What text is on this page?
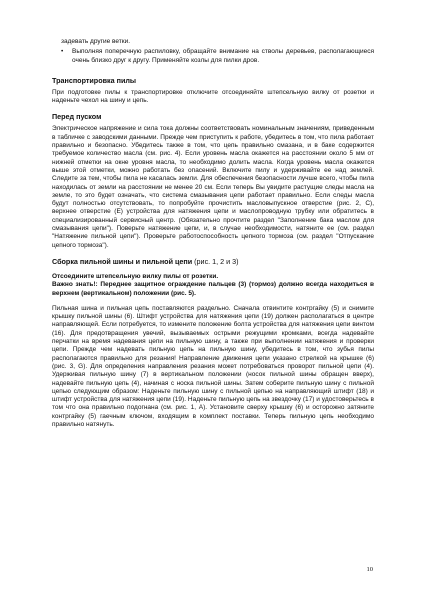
задевать другие ветки.

•	Выполняя поперечную распиловку, обращайте внимание на стволы деревьев, располагающиеся очень близко друг к другу. Применяйте козлы для пилки дров.
Транспортировка пилы

При подготовке пилы к транспортировке отключите отсоединяйте штепсельную вилку от розетки и наденьте чехол на шину и цепь.

Перед пуском

Электрическое напряжение и сила тока должны соответствовать номинальным значениям, приведенным в табличке с заводскими данными. Прежде чем приступить к работе, убедитесь в том, что пила работает правильно и безопасно. Убедитесь также в том, что цепь правильно смазана, и в баке содержится требуемое количество масла (см. рис. 4). Если уровень масла окажется на расстоянии около 5 мм от нижней отметки на окне уровня масла, то необходимо долить масла. Когда уровень масла окажется выше этой отметки, можно работать без опасений. Включите пилу и удерживайте ее над землей. Следите за тем, чтобы пила не касалась земли. Для обеспечения безопасности лучше всего, чтобы пила находилась от земли на расстоянии не менее 20 см. Если теперь Вы увидите растущие следы масла на земле, то это будет означать, что система смазывания цепи работает правильно. Если следы масла будут полностью отсутствовать, то попробуйте прочистить масловыпускное отверстие (рис. 2, С), верхнее отверстие (Е) устройства для натяжения цепи и маслопроводную трубку или обратитесь в специализированный сервисный центр. (Обязательно прочтите раздел "Заполнение бака маслом для смазывания цепи"). Поверьте натяжение цепи, и, в случае необходимости, натяните ее (см. раздел "Натяжение пильной цепи"). Проверьте работоспособность цепного тормоза (см. раздел "Отпускание цепного тормоза").

Сборка пильной шины и пильной цепи (рис. 1, 2 и 3)

Отсоедините штепсельную вилку пилы от розетки.

Важно знать!: Переднее защитное ограждение пальцев (3) (тормоз) должно всегда находиться в верхнем (вертикальном) положении (рис. 5).

Пильная шина и пильная цепь поставляются раздельно. Сначала отвинтите контргайку (5) и снимите крышку пильной шины (6). Штифт устройства для натяжения цепи (19) должен располагаться в центре направляющей. Если потребуется, то измените положение болта устройства для натяжения цепи винтом (16). Для предотвращения увечий, вызываемых острыми режущими кромками, всегда надевайте перчатки на время надевания цепи на пильную шину, а также при выполнении натяжения и проверки цепи. Прежде чем надевать пильную цепь на пильную шину, убедитесь в том, что зубья пилы располагаются правильно для резания! Направление движения цепи указано стрелкой на крышке (6) (рис. 3, G). Для определения направления резания может потребоваться проворот пильной цепи (4). Удерживая пильную шину (7) в вертикальном положении (носок пильной шины обращен вверх), надевайте пильную цепь (4), начиная с носка пильной шины. Затем соберите пильную шину с пильной цепью следующим образом: Наденьте пильную шину с пильной цепью на направляющий штифт (18) и штифт устройства для натяжения цепи (19). Наденьте пильную цепь на звездочку (17) и удостоверьтесь в том что она правильно подогнана (см. рис. 1, А). Установите сверху крышку (6) и осторожно затяните контргайку (5) гаечным ключом, входящим в комплект поставки. Теперь пильную цепь необходимо правильно натянуть.

10
